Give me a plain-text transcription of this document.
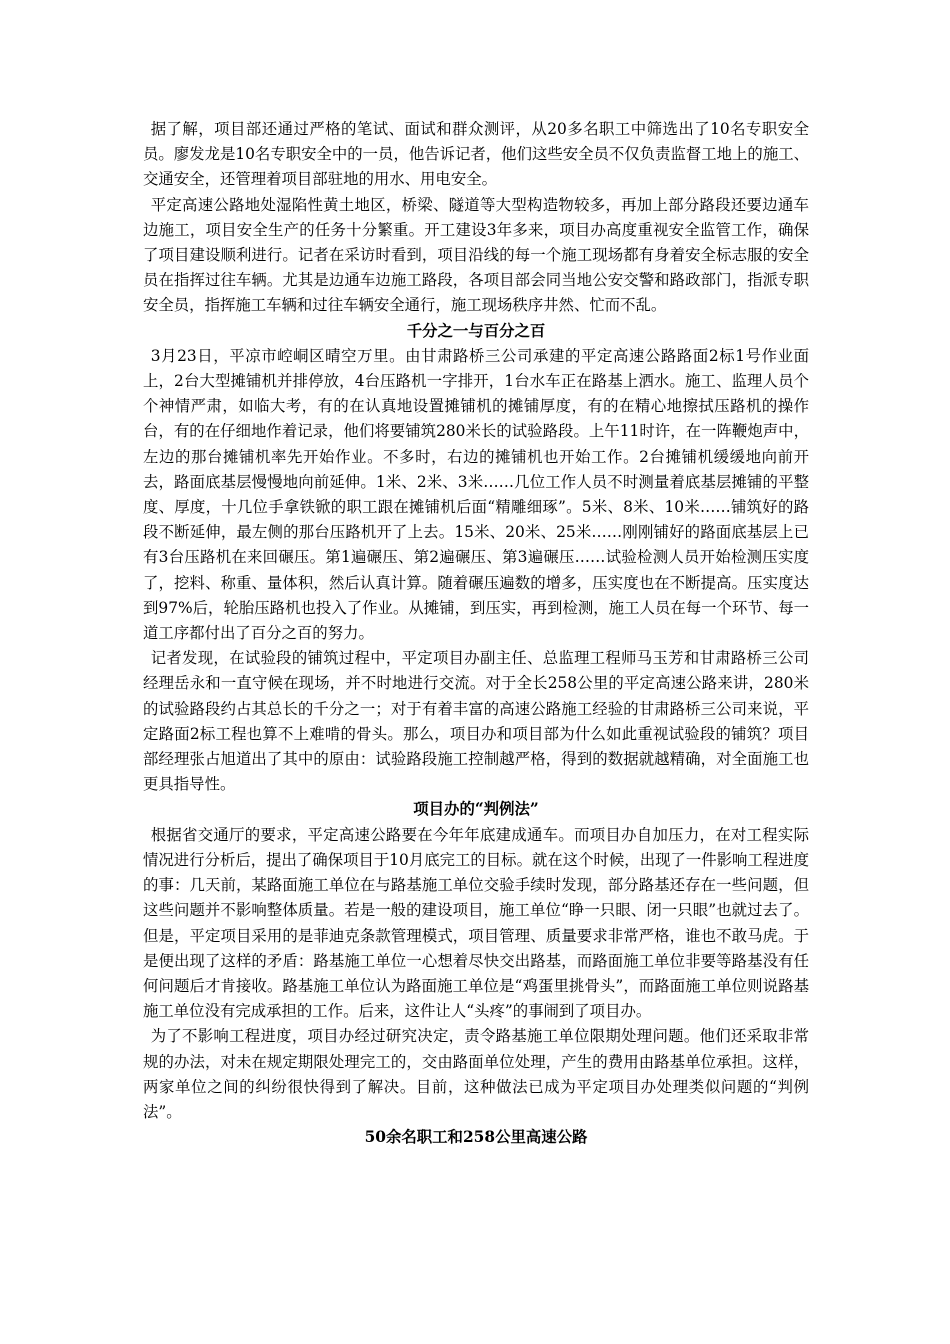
据了解，项目部还通过严格的笔试、面试和群众测评，从20多名职工中筛选出了10名专职安全员。廖发龙是10名专职安全中的一员，他告诉记者，他们这些安全员不仅负责监督工地上的施工、交通安全，还管理着项目部驻地的用水、用电安全。

平定高速公路地处湿陷性黄土地区，桥梁、隧道等大型构造物较多，再加上部分路段还要边通车边施工，项目安全生产的任务十分繁重。开工建设3年多来，项目办高度重视安全监管工作，确保了项目建设顺利进行。记者在采访时看到，项目沿线的每一个施工现场都有身着安全标志服的安全员在指挥过往车辆。尤其是边通车边施工路段，各项目部会同当地公安交警和路政部门，指派专职安全员，指挥施工车辆和过往车辆安全通行，施工现场秩序井然、忙而不乱。

千分之一与百分之百

3月23日，平凉市崆峒区晴空万里。由甘肃路桥三公司承建的平定高速公路路面2标1号作业面上，2台大型摊铺机并排停放，4台压路机一字排开，1台水车正在路基上洒水。施工、监理人员个个神情严肃，如临大考，有的在认真地设置摊铺机的摊铺厚度，有的在精心地擦拭压路机的操作台，有的在仔细地作着记录，他们将要铺筑280米长的试验路段。上午11时许，在一阵鞭炮声中，左边的那台摊铺机率先开始作业。不多时，右边的摊铺机也开始工作。2台摊铺机缓缓地向前开去，路面底基层慢慢地向前延伸。1米、2米、3米……几位工作人员不时测量着底基层摊铺的平整度、厚度，十几位手拿铁锨的职工跟在摊铺机后面“精雕细琢”。5米、8米、10米……铺筑好的路段不断延伸，最左侧的那台压路机开了上去。15米、20米、25米……刚刚铺好的路面底基层上已有3台压路机在来回碾压。第1遍碾压、第2遍碾压、第3遍碾压……试验检测人员开始检测压实度了，挖料、称重、量体积，然后认真计算。随着碾压遍数的增多，压实度也在不断提高。压实度达到97%后，轮胎压路机也投入了作业。从摊铺，到压实，再到检测，施工人员在每一个环节、每一道工序都付出了百分之百的努力。

记者发现，在试验段的铺筑过程中，平定项目办副主任、总监理工程师马玉芳和甘肃路桥三公司经理岳永和一直守候在现场，并不时地进行交流。对于全长258公里的平定高速公路来讲，280米的试验路段约占其总长的千分之一；对于有着丰富的高速公路施工经验的甘肃路桥三公司来说，平定路面2标工程也算不上难啃的骨头。那么，项目办和项目部为什么如此重视试验段的铺筑？项目部经理张占旭道出了其中的原由：试验路段施工控制越严格，得到的数据就越精确，对全面施工也更具指导性。

项目办的“判例法”

根据省交通厅的要求，平定高速公路要在今年年底建成通车。而项目办自加压力，在对工程实际情况进行分析后，提出了确保项目于10月底完工的目标。就在这个时候，出现了一件影响工程进度的事：几天前，某路面施工单位在与路基施工单位交验手续时发现，部分路基还存在一些问题，但这些问题并不影响整体质量。若是一般的建设项目，施工单位“睁一只眼、闭一只眼”也就过去了。但是，平定项目采用的是菲迪克条款管理模式，项目管理、质量要求非常严格，谁也不敢马虎。于是便出现了这样的矛盾：路基施工单位一心想着尽快交出路基，而路面施工单位非要等路基没有任何问题后才肯接收。路基施工单位认为路面施工单位是“鸡蛋里挑骨头”，而路面施工单位则说路基施工单位没有完成承担的工作。后来，这件让人“头疼”的事闹到了项目办。

为了不影响工程进度，项目办经过研究决定，责令路基施工单位限期处理问题。他们还采取非常规的办法，对未在规定期限处理完工的，交由路面单位处理，产生的费用由路基单位承担。这样，两家单位之间的纠纷很快得到了解决。目前，这种做法已成为平定项目办处理类似问题的“判例法”。

50余名职工和258公里高速公路
